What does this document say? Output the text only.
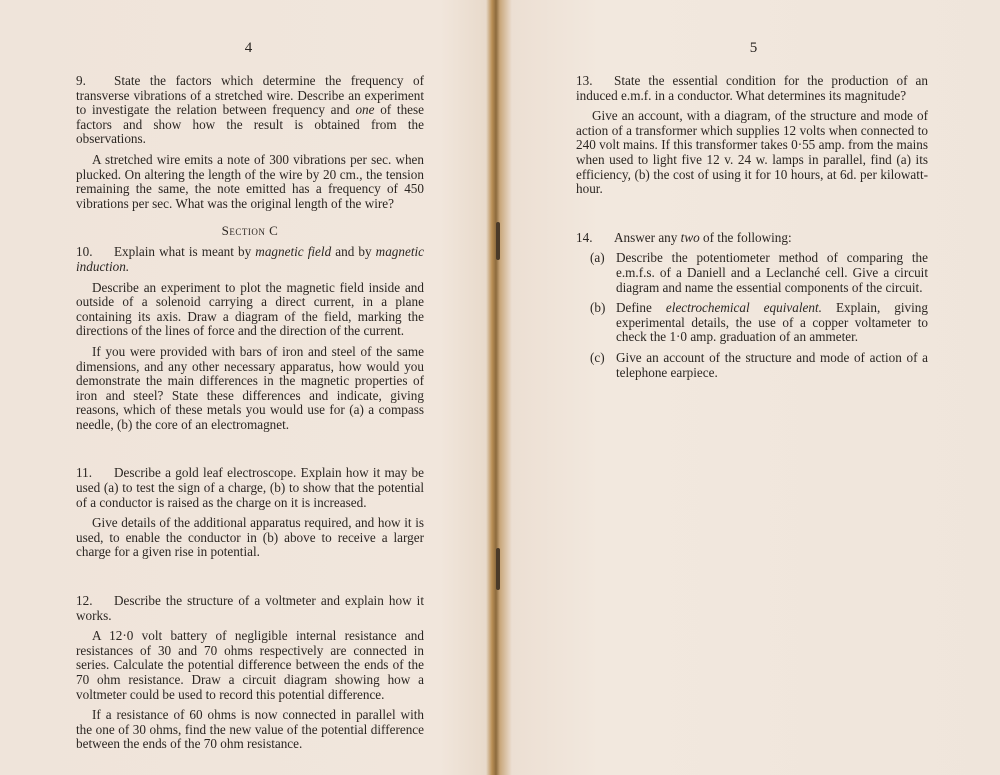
4

9. State the factors which determine the frequency of transverse vibrations of a stretched wire. Describe an experiment to investigate the relation between frequency and one of these factors and show how the result is obtained from the observations.

A stretched wire emits a note of 300 vibrations per sec. when plucked. On altering the length of the wire by 20 cm., the tension remaining the same, the note emitted has a frequency of 450 vibrations per sec. What was the original length of the wire?

Section C

10. Explain what is meant by magnetic field and by magnetic induction.

Describe an experiment to plot the magnetic field inside and outside of a solenoid carrying a direct current, in a plane containing its axis. Draw a diagram of the field, marking the directions of the lines of force and the direction of the current.

If you were provided with bars of iron and steel of the same dimensions, and any other necessary apparatus, how would you demonstrate the main differences in the magnetic properties of iron and steel? State these differences and indicate, giving reasons, which of these metals you would use for (a) a compass needle, (b) the core of an electromagnet.

11. Describe a gold leaf electroscope. Explain how it may be used (a) to test the sign of a charge, (b) to show that the potential of a conductor is raised as the charge on it is increased.

Give details of the additional apparatus required, and how it is used, to enable the conductor in (b) above to receive a larger charge for a given rise in potential.

12. Describe the structure of a voltmeter and explain how it works.

A 12·0 volt battery of negligible internal resistance and resistances of 30 and 70 ohms respectively are connected in series. Calculate the potential difference between the ends of the 70 ohm resistance. Draw a circuit diagram showing how a voltmeter could be used to record this potential difference.

If a resistance of 60 ohms is now connected in parallel with the one of 30 ohms, find the new value of the potential difference between the ends of the 70 ohm resistance.

5

13. State the essential condition for the production of an induced e.m.f. in a conductor. What determines its magnitude?

Give an account, with a diagram, of the structure and mode of action of a transformer which supplies 12 volts when connected to 240 volt mains. If this transformer takes 0·55 amp. from the mains when used to light five 12 v. 24 w. lamps in parallel, find (a) its efficiency, (b) the cost of using it for 10 hours, at 6d. per kilowatt-hour.

14. Answer any two of the following:

(a) Describe the potentiometer method of comparing the e.m.f.s. of a Daniell and a Leclanché cell. Give a circuit diagram and name the essential components of the circuit.
(b) Define electrochemical equivalent. Explain, giving experimental details, the use of a copper voltameter to check the 1·0 amp. graduation of an ammeter.
(c) Give an account of the structure and mode of action of a telephone earpiece.
